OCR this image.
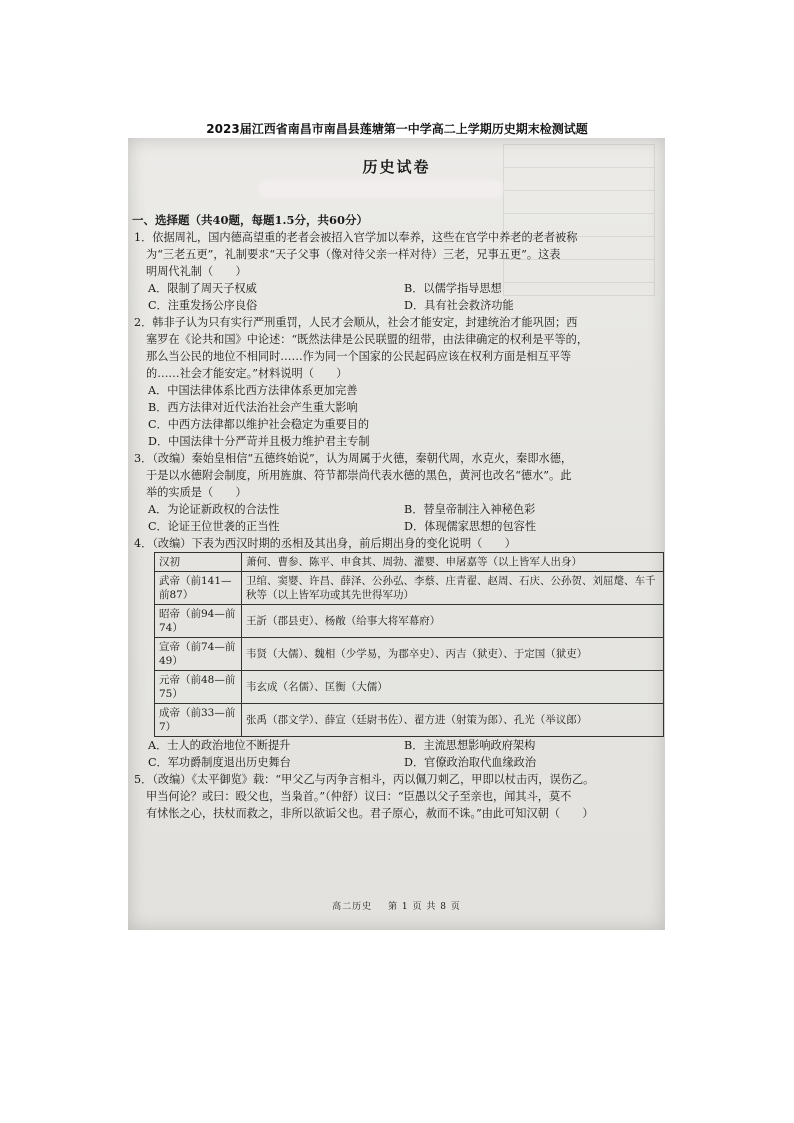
2023届江西省南昌市南昌县莲塘第一中学高二上学期历史期末检测试题
历史试卷
一、选择题（共40题，每题1.5分，共60分）
1．依据周礼，国内德高望重的老者会被招入官学加以奉养，这些在官学中养老的老者被称
为“三老五更”，礼制要求“天子父事（像对待父亲一样对待）三老，兄事五更”。这表
明周代礼制（　　）
A．限制了周天子权威	B．以儒学指导思想
C．注重发扬公序良俗	D．具有社会救济功能
2．韩非子认为只有实行严刑重罚，人民才会顺从，社会才能安定，封建统治才能巩固；西
塞罗在《论共和国》中论述：“既然法律是公民联盟的纽带，由法律确定的权利是平等的，
那么当公民的地位不相同时……作为同一个国家的公民起码应该在权利方面是相互平等
的……社会才能安定。”材料说明（　　）
A．中国法律体系比西方法律体系更加完善
B．西方法律对近代法治社会产生重大影响
C．中西方法律都以维护社会稳定为重要目的
D．中国法律十分严苛并且极力维护君主专制
3．（改编）秦始皇相信“五德终始说”，认为周属于火德，秦朝代周，水克火，秦即水德，
于是以水德附会制度，所用旌旗、符节都崇尚代表水德的黑色，黄河也改名“德水”。此
举的实质是（　　）
A．为论证新政权的合法性	B．替皇帝制注入神秘色彩
C．论证王位世袭的正当性	D．体现儒家思想的包容性
4．（改编）下表为西汉时期的丞相及其出身，前后期出身的变化说明（　　）
汉初	萧何、曹参、陈平、申食其、周勃、灌婴、申屠嘉等（以上皆军人出身）
武帝（前141—前87）	卫绾、窦婴、许昌、薛泽、公孙弘、李蔡、庄青翟、赵周、石庆、公孙贺、刘屈氂、车千秋等（以上皆军功或其先世得军功）
昭帝（前94—前74）	王訢（郡县吏）、杨敞（给事大将军幕府）
宣帝（前74—前49）	韦贤（大儒）、魏相（少学易，为郡卒史）、丙吉（狱吏）、于定国（狱吏）
元帝（前48—前75）	韦玄成（名儒）、匡衡（大儒）
成帝（前33—前7）	张禹（郡文学）、薛宣（廷尉书佐）、翟方进（射策为郎）、孔光（举议郎）
A．士人的政治地位不断提升	B．主流思想影响政府架构
C．军功爵制度退出历史舞台	D．官僚政治取代血缘政治
5．（改编）《太平御览》载：“甲父乙与丙争言相斗，丙以佩刀刺乙，甲即以杖击丙，误伤乙。
甲当何论？或曰：殴父也，当枭首。”（仲舒）议曰：“臣愚以父子至亲也，闻其斗，莫不
有怵怅之心，扶杖而救之，非所以欲诟父也。君子原心，赦而不诛。”由此可知汉朝（　　）
高二历史 第 1 页 共 8 页
